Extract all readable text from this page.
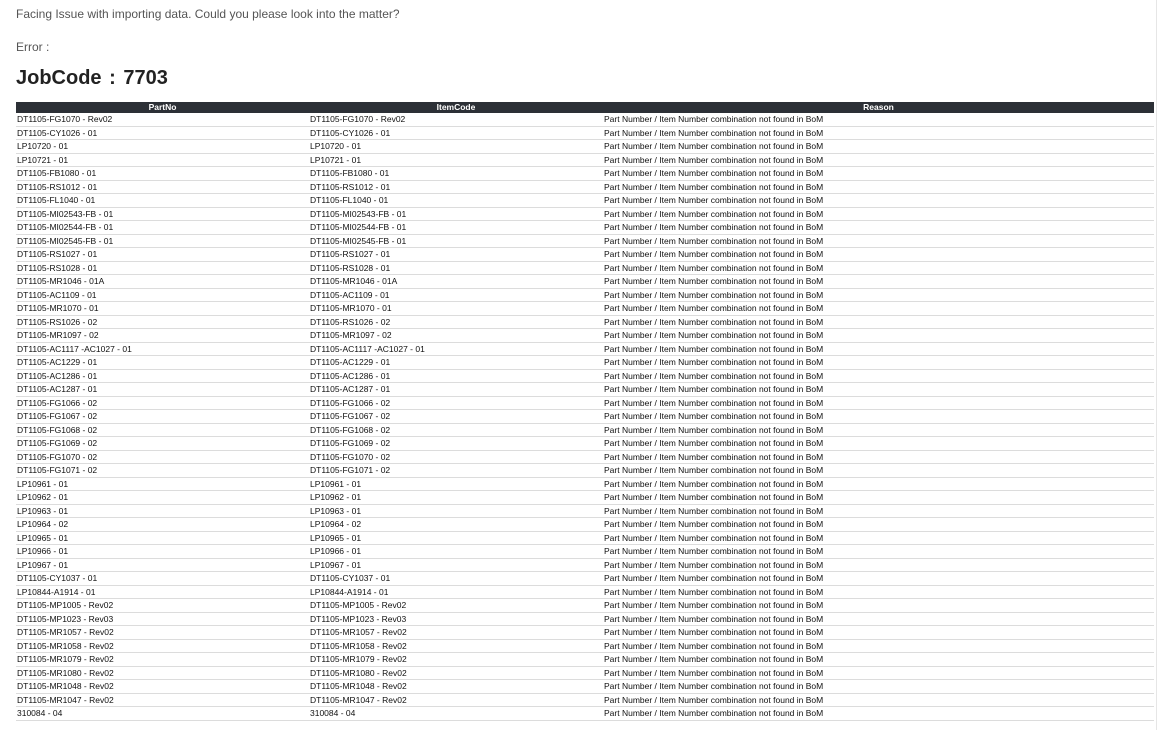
Facing Issue with importing data. Could you please look into the matter?
Error :
JobCode : 7703
PartNo	ItemCode	Reason
DT1105-FG1070 - Rev02	DT1105-FG1070 - Rev02	Part Number / Item Number combination not found in BoM
DT1105-CY1026 - 01	DT1105-CY1026 - 01	Part Number / Item Number combination not found in BoM
LP10720 - 01	LP10720 - 01	Part Number / Item Number combination not found in BoM
LP10721 - 01	LP10721 - 01	Part Number / Item Number combination not found in BoM
DT1105-FB1080 - 01	DT1105-FB1080 - 01	Part Number / Item Number combination not found in BoM
DT1105-RS1012 - 01	DT1105-RS1012 - 01	Part Number / Item Number combination not found in BoM
DT1105-FL1040 - 01	DT1105-FL1040 - 01	Part Number / Item Number combination not found in BoM
DT1105-MI02543-FB - 01	DT1105-MI02543-FB - 01	Part Number / Item Number combination not found in BoM
DT1105-MI02544-FB - 01	DT1105-MI02544-FB - 01	Part Number / Item Number combination not found in BoM
DT1105-MI02545-FB - 01	DT1105-MI02545-FB - 01	Part Number / Item Number combination not found in BoM
DT1105-RS1027 - 01	DT1105-RS1027 - 01	Part Number / Item Number combination not found in BoM
DT1105-RS1028 - 01	DT1105-RS1028 - 01	Part Number / Item Number combination not found in BoM
DT1105-MR1046 - 01A	DT1105-MR1046 - 01A	Part Number / Item Number combination not found in BoM
DT1105-AC1109 - 01	DT1105-AC1109 - 01	Part Number / Item Number combination not found in BoM
DT1105-MR1070 - 01	DT1105-MR1070 - 01	Part Number / Item Number combination not found in BoM
DT1105-RS1026 - 02	DT1105-RS1026 - 02	Part Number / Item Number combination not found in BoM
DT1105-MR1097 - 02	DT1105-MR1097 - 02	Part Number / Item Number combination not found in BoM
DT1105-AC1117 -AC1027 - 01	DT1105-AC1117 -AC1027 - 01	Part Number / Item Number combination not found in BoM
DT1105-AC1229 - 01	DT1105-AC1229 - 01	Part Number / Item Number combination not found in BoM
DT1105-AC1286 - 01	DT1105-AC1286 - 01	Part Number / Item Number combination not found in BoM
DT1105-AC1287 - 01	DT1105-AC1287 - 01	Part Number / Item Number combination not found in BoM
DT1105-FG1066 - 02	DT1105-FG1066 - 02	Part Number / Item Number combination not found in BoM
DT1105-FG1067 - 02	DT1105-FG1067 - 02	Part Number / Item Number combination not found in BoM
DT1105-FG1068 - 02	DT1105-FG1068 - 02	Part Number / Item Number combination not found in BoM
DT1105-FG1069 - 02	DT1105-FG1069 - 02	Part Number / Item Number combination not found in BoM
DT1105-FG1070 - 02	DT1105-FG1070 - 02	Part Number / Item Number combination not found in BoM
DT1105-FG1071 - 02	DT1105-FG1071 - 02	Part Number / Item Number combination not found in BoM
LP10961 - 01	LP10961 - 01	Part Number / Item Number combination not found in BoM
LP10962 - 01	LP10962 - 01	Part Number / Item Number combination not found in BoM
LP10963 - 01	LP10963 - 01	Part Number / Item Number combination not found in BoM
LP10964 - 02	LP10964 - 02	Part Number / Item Number combination not found in BoM
LP10965 - 01	LP10965 - 01	Part Number / Item Number combination not found in BoM
LP10966 - 01	LP10966 - 01	Part Number / Item Number combination not found in BoM
LP10967 - 01	LP10967 - 01	Part Number / Item Number combination not found in BoM
DT1105-CY1037 - 01	DT1105-CY1037 - 01	Part Number / Item Number combination not found in BoM
LP10844-A1914 - 01	LP10844-A1914 - 01	Part Number / Item Number combination not found in BoM
DT1105-MP1005 - Rev02	DT1105-MP1005 - Rev02	Part Number / Item Number combination not found in BoM
DT1105-MP1023 - Rev03	DT1105-MP1023 - Rev03	Part Number / Item Number combination not found in BoM
DT1105-MR1057 - Rev02	DT1105-MR1057 - Rev02	Part Number / Item Number combination not found in BoM
DT1105-MR1058 - Rev02	DT1105-MR1058 - Rev02	Part Number / Item Number combination not found in BoM
DT1105-MR1079 - Rev02	DT1105-MR1079 - Rev02	Part Number / Item Number combination not found in BoM
DT1105-MR1080 - Rev02	DT1105-MR1080 - Rev02	Part Number / Item Number combination not found in BoM
DT1105-MR1048 - Rev02	DT1105-MR1048 - Rev02	Part Number / Item Number combination not found in BoM
DT1105-MR1047 - Rev02	DT1105-MR1047 - Rev02	Part Number / Item Number combination not found in BoM
310084 - 04	310084 - 04	Part Number / Item Number combination not found in BoM
